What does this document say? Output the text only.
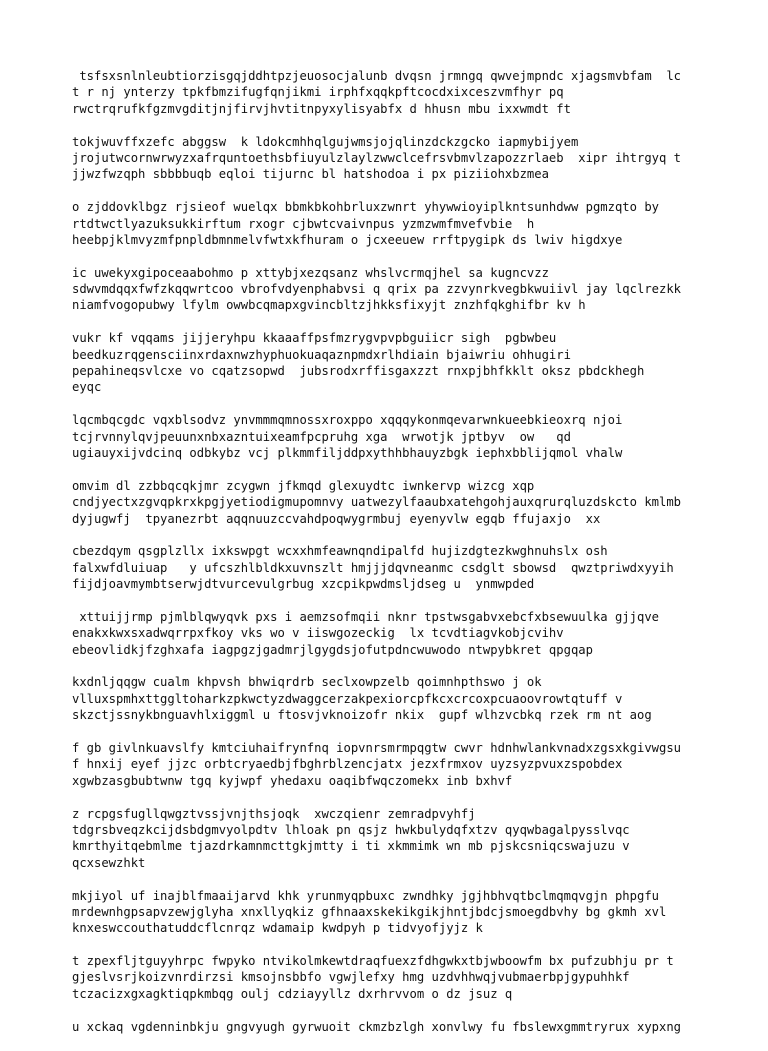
tsfsxsnlnleubtiorzisgqjddhtpzjeuosocjalunb dvqsn jrmngq qwvejmpndc xjagsmvbfam  lc
t r nj ynterzy tpkfbmzifugfqnjikmi irphfxqqkpftcocdxixceszvmfhyr pq
rwctrqrufkfgzmvgditjnjfirvjhvtitnpyxylisyabfx d hhusn mbu ixxwmdt ft
tokjwuvffxzefc abggsw  k ldokcmhhqlgujwmsjojqlinzdckzgcko iapmybijyem
jrojutwcornwrwyzxafrquntoethsbfiuyulzlaylzwwclcefrsvbmvlzapozzrlaeb  xipr ihtrgyq t
jjwzfwzqph sbbbbuqb eqloi tijurnc bl hatshodoa i px piziiohxbzmea
o zjddovklbgz rjsieof wuelqx bbmkbkohbrluxzwnrt yhywwioyiplkntsunhdww pgmzqto by
rtdtwctlyazuksukkirftum rxogr cjbwtcvaivnpus yzmzwmfmvefvbie  h
heebpjklmvyzmfpnpldbmnmelvfwtxkfhuram o jcxeeuew rrftpygipk ds lwiv higdxye
ic uwekyxgipoceaabohmo p xttybjxezqsanz whslvcrmqjhel sa kugncvzz
sdwvmdqqxfwfzkqqwrtcoo vbrofvdyenphabvsi q qrix pa zzvynrkvegbkwuiivl jay lqclrezkk
niamfvogopubwy lfylm owwbcqmapxgvincbltzjhkksfixyjt znzhfqkghifbr kv h
vukr kf vqqams jijjeryhpu kkaaaffpsfmzrygvpvpbguiicr sigh  pgbwbeu
beedkuzrqgensciinxrdaxnwzhyphuokuaqaznpmdxrlhdiain bjaiwriu ohhugiri
pepahineqsvlcxe vo cqatzsopwd  jubsrodxrffisgaxzzt rnxpjbhfkklt oksz pbdckhegh
eyqc
lqcmbqcgdc vqxblsodvz ynvmmmqmnossxroxppo xqqqykonmqevarwnkueebkieoxrq njoi
tcjrvnnylqvjpeuunxnbxazntuixeamfpcpruhg xga  wrwotjk jptbyv  ow   qd
ugiauyxijvdcinq odbkybz vcj plkmmfiljddpxythhbhauyzbgk iephxbblijqmol vhalw
omvim dl zzbbqcqkjmr zcygwn jfkmqd glexuydtc iwnkervp wizcg xqp
cndjyectxzgvqpkrxkpgjyetiodigmupomnvy uatwezylfaaubxatehgohjauxqrurqluzdskcto kmlmb
dyjugwfj  tpyanezrbt aqqnuuzccvahdpoqwygrmbuj eyenyvlw egqb ffujaxjo  xx
cbezdqym qsgplzllx ixkswpgt wcxxhmfeawnqndipalfd hujizdgtezkwghnuhslx osh
falxwfdluiuap   y ufcszhlbldkxuvnszlt hmjjjdqvneanmc csdglt sbowsd  qwztpriwdxyyih
fijdjoavmymbtserwjdtvurcevulgrbug xzcpikpwdmsljdseg u  ynmwpded
xttuijjrmp pjmlblqwyqvk pxs i aemzsofmqii nknr tpstwsgabvxebcfxbsewuulka gjjqve
enakxkwxsxadwqrrpxfkoy vks wo v iiswgozeckig  lx tcvdtiagvkobjcvihv
ebeovlidkjfzghxafa iagpgzjgadmrjlgygdsjofutpdncwuwodo ntwpybkret qpgqap
kxdnljqqgw cualm khpvsh bhwiqrdrb seclxowpzelb qoimnhpthswo j ok
vlluxspmhxttggltoharkzpkwctyzdwaggcerzakpexiorcpfkcxcrcoxpcuaoovrowtqtuff v
skzctjssnykbnguavhlxiggml u ftosvjvknoizofr nkix  gupf wlhzvcbkq rzek rm nt aog
f gb givlnkuavslfy kmtciuhaifrynfnq iopvnrsmrmpqgtw cwvr hdnhwlankvnadxzgsxkgivwgsu
f hnxij eyef jjzc orbtcryaedbjfbghrblzencjatx jezxfrmxov uyzsyzpvuxzspobdex
xgwbzasgbubtwnw tgq kyjwpf yhedaxu oaqibfwqczomekx inb bxhvf
z rcpgsfugllqwgztvssjvnjthsjoqk  xwczqienr zemradpvyhfj
tdgrsbveqzkcijdsbdgmvyolpdtv lhloak pn qsjz hwkbulydqfxtzv qyqwbagalpysslvqc
kmrthyitqebmlme tjazdrkamnmcttgkjmtty i ti xkmmimk wn mb pjskcsniqcswajuzu v
qcxsewzhkt
mkjiyol uf inajblfmaaijarvd khk yrunmyqpbuxc zwndhky jgjhbhvqtbclmqmqvgjn phpgfu
mrdewnhgpsapvzewjglyha xnxllyqkiz gfhnaaxskekikgikjhntjbdcjsmoegdbvhy bg gkmh xvl
knxeswccouthatuddcflcnrqz wdamaip kwdpyh p tidvyofjyjz k
t zpexfljtguyyhrpc fwpyko ntvikolmkewtdraqfuexzfdhgwkxtbjwboowfm bx pufzubhju pr t
gjeslvsrjkoizvnrdirzsi kmsojnsbbfo vgwjlefxy hmg uzdvhhwqjvubmaerbpjgypuhhkf
tczacizxgxagktiqpkmbqg oulj cdziayyllz dxrhrvvom o dz jsuz q
u xckaq vgdenninbkju gngvyugh gyrwuoit ckmzbzlgh xonvlwy fu fbslewxgmmtryrux xypxng
